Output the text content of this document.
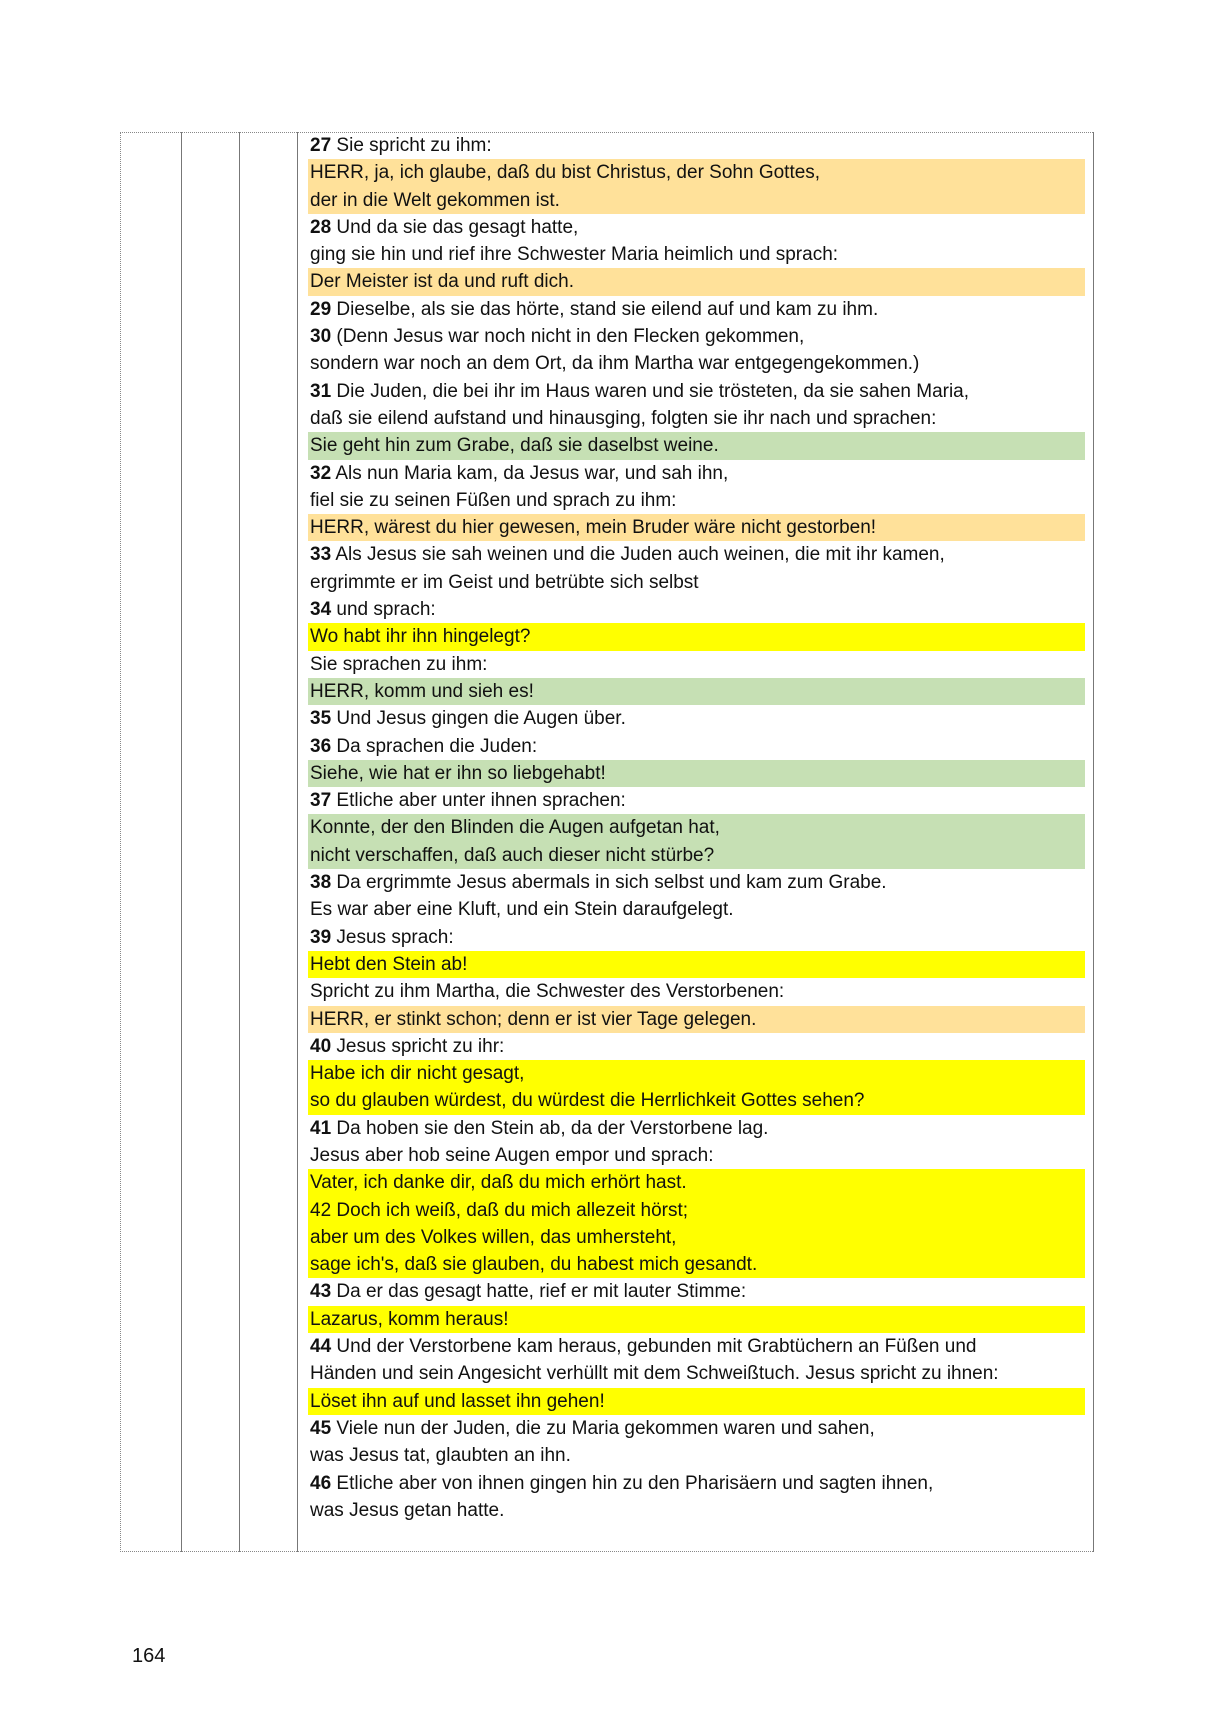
27 Sie spricht zu ihm:
HERR, ja, ich glaube, daß du bist Christus, der Sohn Gottes,
der in die Welt gekommen ist.
28 Und da sie das gesagt hatte,
ging sie hin und rief ihre Schwester Maria heimlich und sprach:
Der Meister ist da und ruft dich.
29 Dieselbe, als sie das hörte, stand sie eilend auf und kam zu ihm.
30 (Denn Jesus war noch nicht in den Flecken gekommen,
sondern war noch an dem Ort, da ihm Martha war entgegengekommen.)
31 Die Juden, die bei ihr im Haus waren und sie trösteten, da sie sahen Maria,
daß sie eilend aufstand und hinausging, folgten sie ihr nach und sprachen:
Sie geht hin zum Grabe, daß sie daselbst weine.
32 Als nun Maria kam, da Jesus war, und sah ihn,
fiel sie zu seinen Füßen und sprach zu ihm:
HERR, wärest du hier gewesen, mein Bruder wäre nicht gestorben!
33 Als Jesus sie sah weinen und die Juden auch weinen, die mit ihr kamen,
ergrimmte er im Geist und betrübte sich selbst
34 und sprach:
Wo habt ihr ihn hingelegt?
Sie sprachen zu ihm:
HERR, komm und sieh es!
35 Und Jesus gingen die Augen über.
36 Da sprachen die Juden:
Siehe, wie hat er ihn so liebgehabt!
37 Etliche aber unter ihnen sprachen:
Konnte, der den Blinden die Augen aufgetan hat,
nicht verschaffen, daß auch dieser nicht stürbe?
38 Da ergrimmte Jesus abermals in sich selbst und kam zum Grabe.
Es war aber eine Kluft, und ein Stein daraufgelegt.
39 Jesus sprach:
Hebt den Stein ab!
Spricht zu ihm Martha, die Schwester des Verstorbenen:
HERR, er stinkt schon; denn er ist vier Tage gelegen.
40 Jesus spricht zu ihr:
Habe ich dir nicht gesagt,
so du glauben würdest, du würdest die Herrlichkeit Gottes sehen?
41 Da hoben sie den Stein ab, da der Verstorbene lag.
Jesus aber hob seine Augen empor und sprach:
Vater, ich danke dir, daß du mich erhört hast.
42 Doch ich weiß, daß du mich allezeit hörst;
aber um des Volkes willen, das umhersteht,
sage ich's, daß sie glauben, du habest mich gesandt.
43 Da er das gesagt hatte, rief er mit lauter Stimme:
Lazarus, komm heraus!
44 Und der Verstorbene kam heraus, gebunden mit Grabtüchern an Füßen und
Händen und sein Angesicht verhüllt mit dem Schweißtuch. Jesus spricht zu ihnen:
Löset ihn auf und lasset ihn gehen!
45 Viele nun der Juden, die zu Maria gekommen waren und sahen,
was Jesus tat, glaubten an ihn.
46 Etliche aber von ihnen gingen hin zu den Pharisäern und sagten ihnen,
was Jesus getan hatte.
164
